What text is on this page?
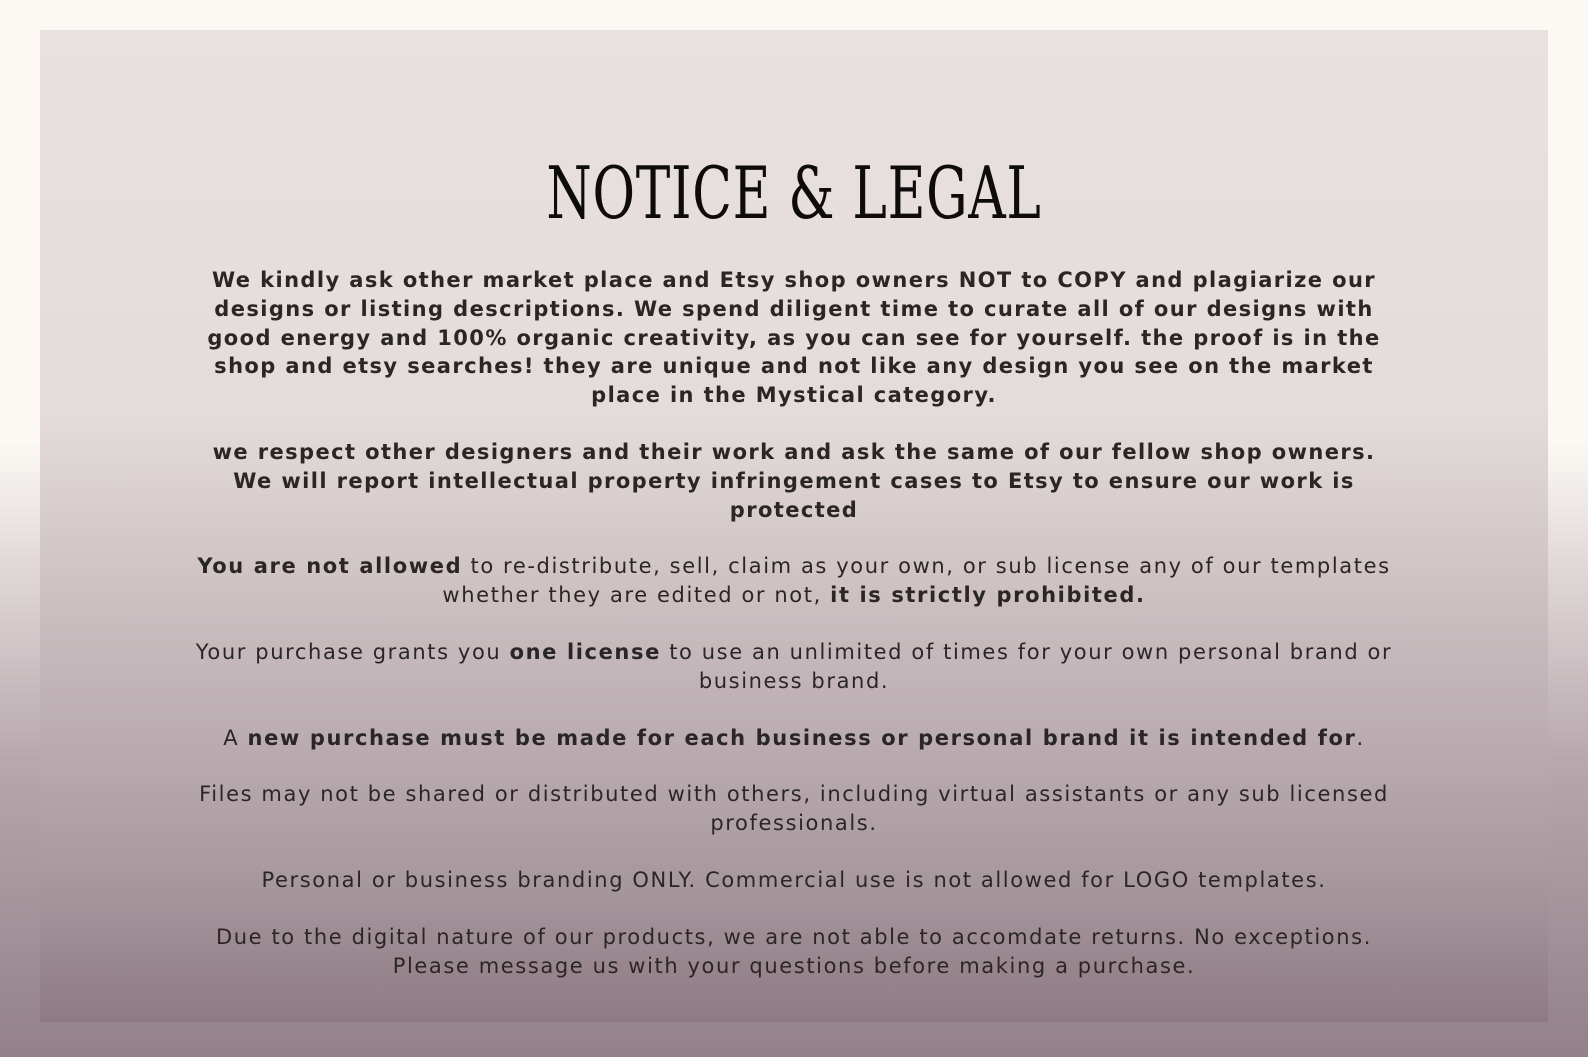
NOTICE & LEGAL

We kindly ask other market place and Etsy shop owners NOT to COPY and plagiarize our designs or listing descriptions. We spend diligent time to curate all of our designs with good energy and 100% organic creativity, as you can see for yourself. the proof is in the shop and etsy searches! they are unique and not like any design you see on the market place in the Mystical category.

we respect other designers and their work and ask the same of our fellow shop owners. We will report intellectual property infringement cases to Etsy to ensure our work is protected

You are not allowed to re-distribute, sell, claim as your own, or sub license any of our templates whether they are edited or not, it is strictly prohibited.

Your purchase grants you one license to use an unlimited of times for your own personal brand or business brand.

A new purchase must be made for each business or personal brand it is intended for.

Files may not be shared or distributed with others, including virtual assistants or any sub licensed professionals.

Personal or business branding ONLY. Commercial use is not allowed for LOGO templates.

Due to the digital nature of our products, we are not able to accomdate returns. No exceptions. Please message us with your questions before making a purchase.
